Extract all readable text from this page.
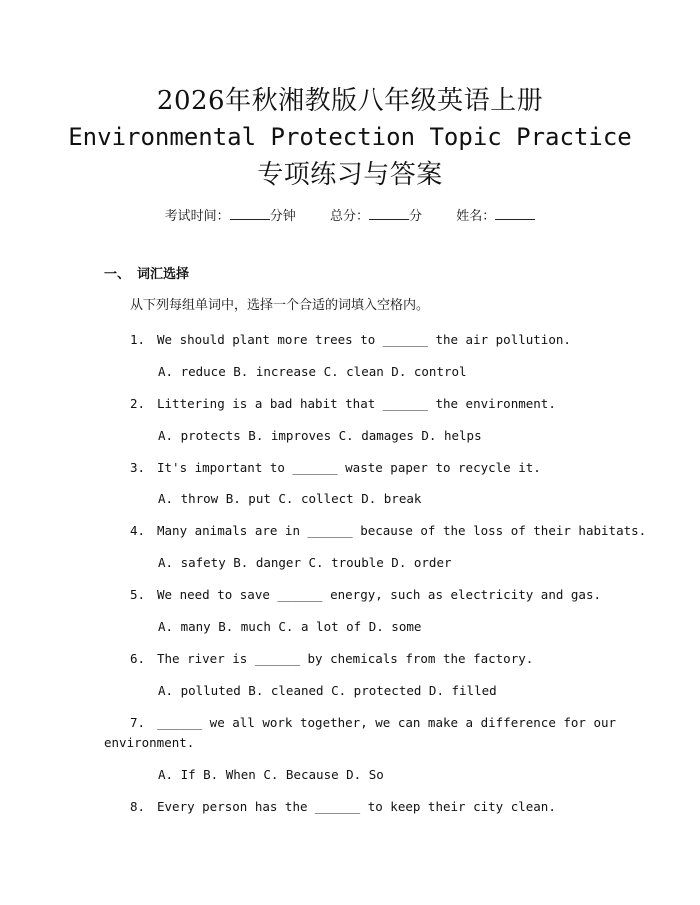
2026年秋湘教版八年级英语上册
Environmental Protection Topic Practice
专项练习与答案
考试时间：	分钟	总分：	分	姓名：
一、 词汇选择
从下列每组单词中，选择一个合适的词填入空格内。
1. We should plant more trees to ______ the air pollution.
A. reduce B. increase C. clean D. control
2. Littering is a bad habit that ______ the environment.
A. protects B. improves C. damages D. helps
3. It's important to ______ waste paper to recycle it.
A. throw B. put C. collect D. break
4. Many animals are in ______ because of the loss of their habitats.
A. safety B. danger C. trouble D. order
5. We need to save ______ energy, such as electricity and gas.
A. many B. much C. a lot of D. some
6. The river is ______ by chemicals from the factory.
A. polluted B. cleaned C. protected D. filled
7. ______ we all work together, we can make a difference for our
environment.
A. If B. When C. Because D. So
8. Every person has the ______ to keep their city clean.
